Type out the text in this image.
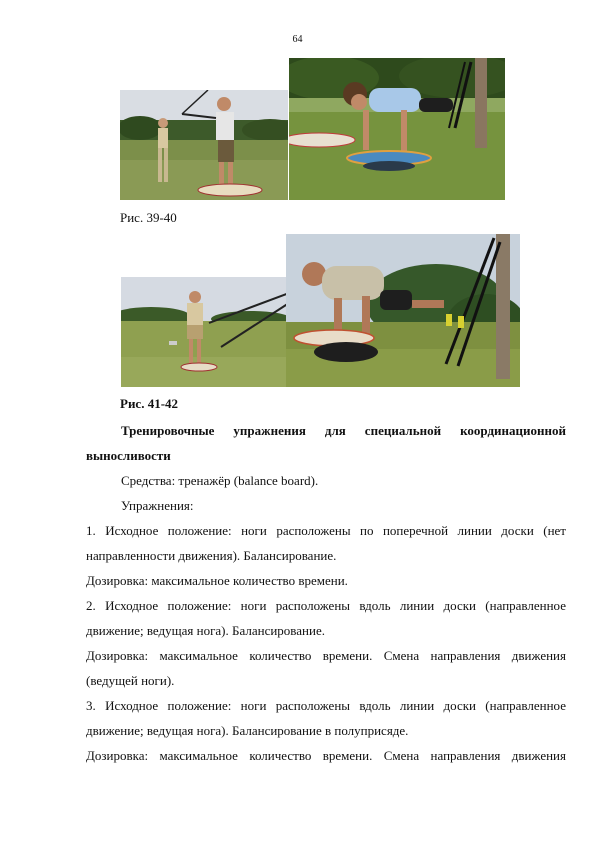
64
Рис. 39-40
Рис. 41-42

Тренировочные упражнения для специальной координационной

выносливости

Средства: тренажёр (balance board).

Упражнения:

1. Исходное положение: ноги расположены по поперечной линии доски (нет

направленности движения). Балансирование.

Дозировка: максимальное количество времени.

2. Исходное положение: ноги расположены вдоль линии доски (направленное

движение; ведущая нога). Балансирование.

Дозировка: максимальное количество времени. Смена направления движения

(ведущей ноги).

3. Исходное положение: ноги расположены вдоль линии доски (направленное

движение; ведущая нога). Балансирование в полуприсяде.

Дозировка: максимальное количество времени. Смена направления движения
